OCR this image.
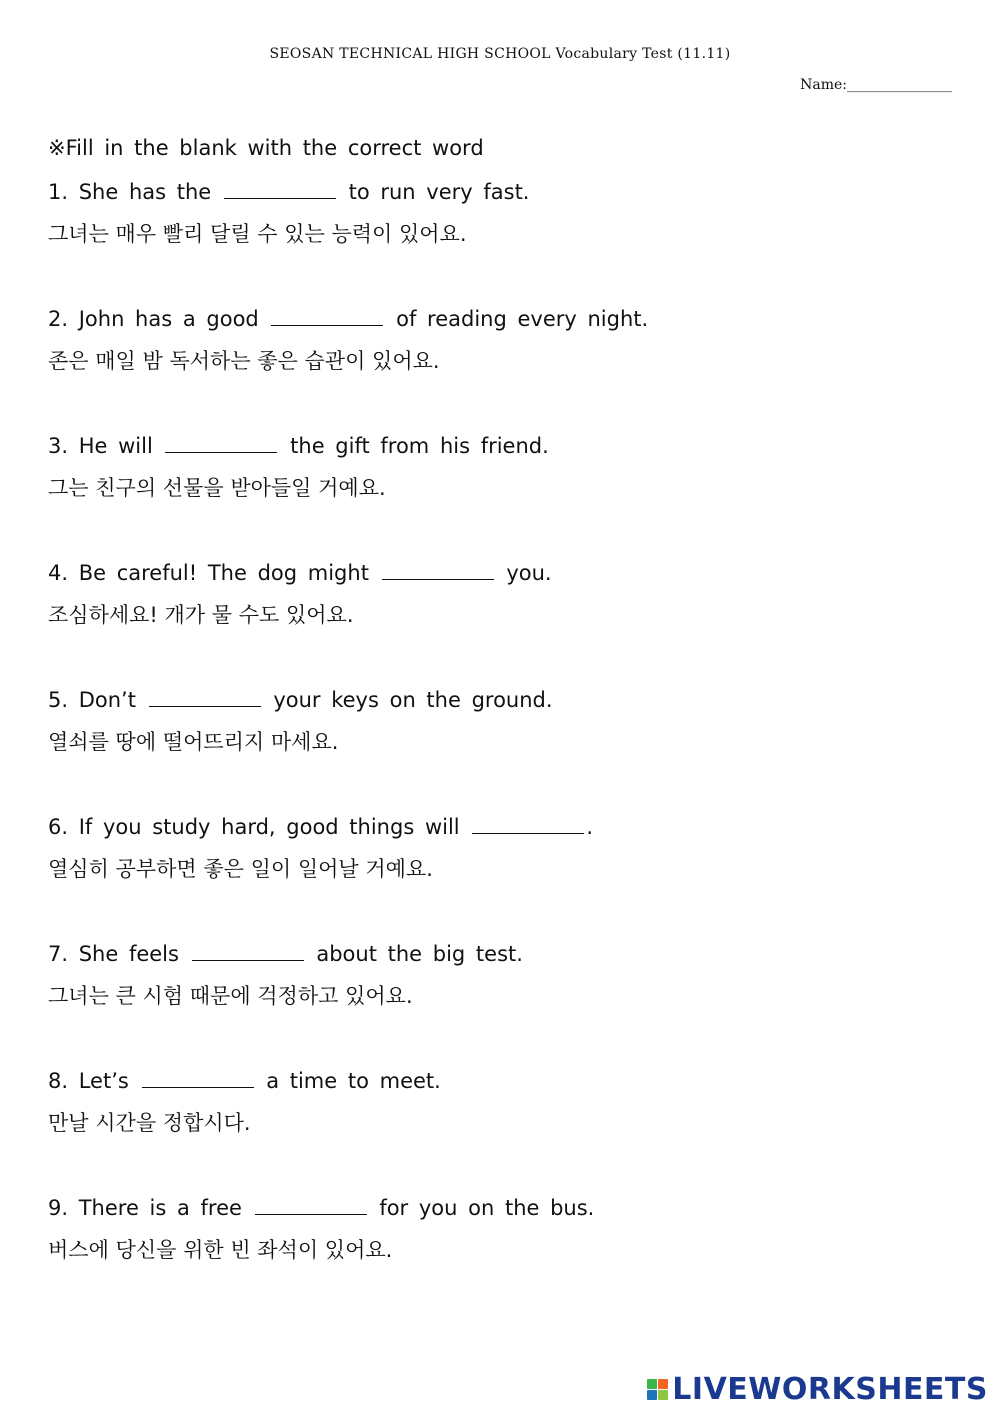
SEOSAN TECHNICAL HIGH SCHOOL Vocabulary Test (11.11)
Name:_______________
※Fill in the blank with the correct word
1. She has the	to run very fast.
그녀는 매우 빨리 달릴 수 있는 능력이 있어요.
2. John has a good	of reading every night.
존은 매일 밤 독서하는 좋은 습관이 있어요.
3. He will	the gift from his friend.
그는 친구의 선물을 받아들일 거예요.
4. Be careful! The dog might	you.
조심하세요! 개가 물 수도 있어요.
5. Don’t	your keys on the ground.
열쇠를 땅에 떨어뜨리지 마세요.
6. If you study hard, good things will	.
열심히 공부하면 좋은 일이 일어날 거예요.
7. She feels	about the big test.
그녀는 큰 시험 때문에 걱정하고 있어요.
8. Let’s	a time to meet.
만날 시간을 정합시다.
9. There is a free	for you on the bus.
버스에 당신을 위한 빈 좌석이 있어요.
LIVEWORKSHEETS
